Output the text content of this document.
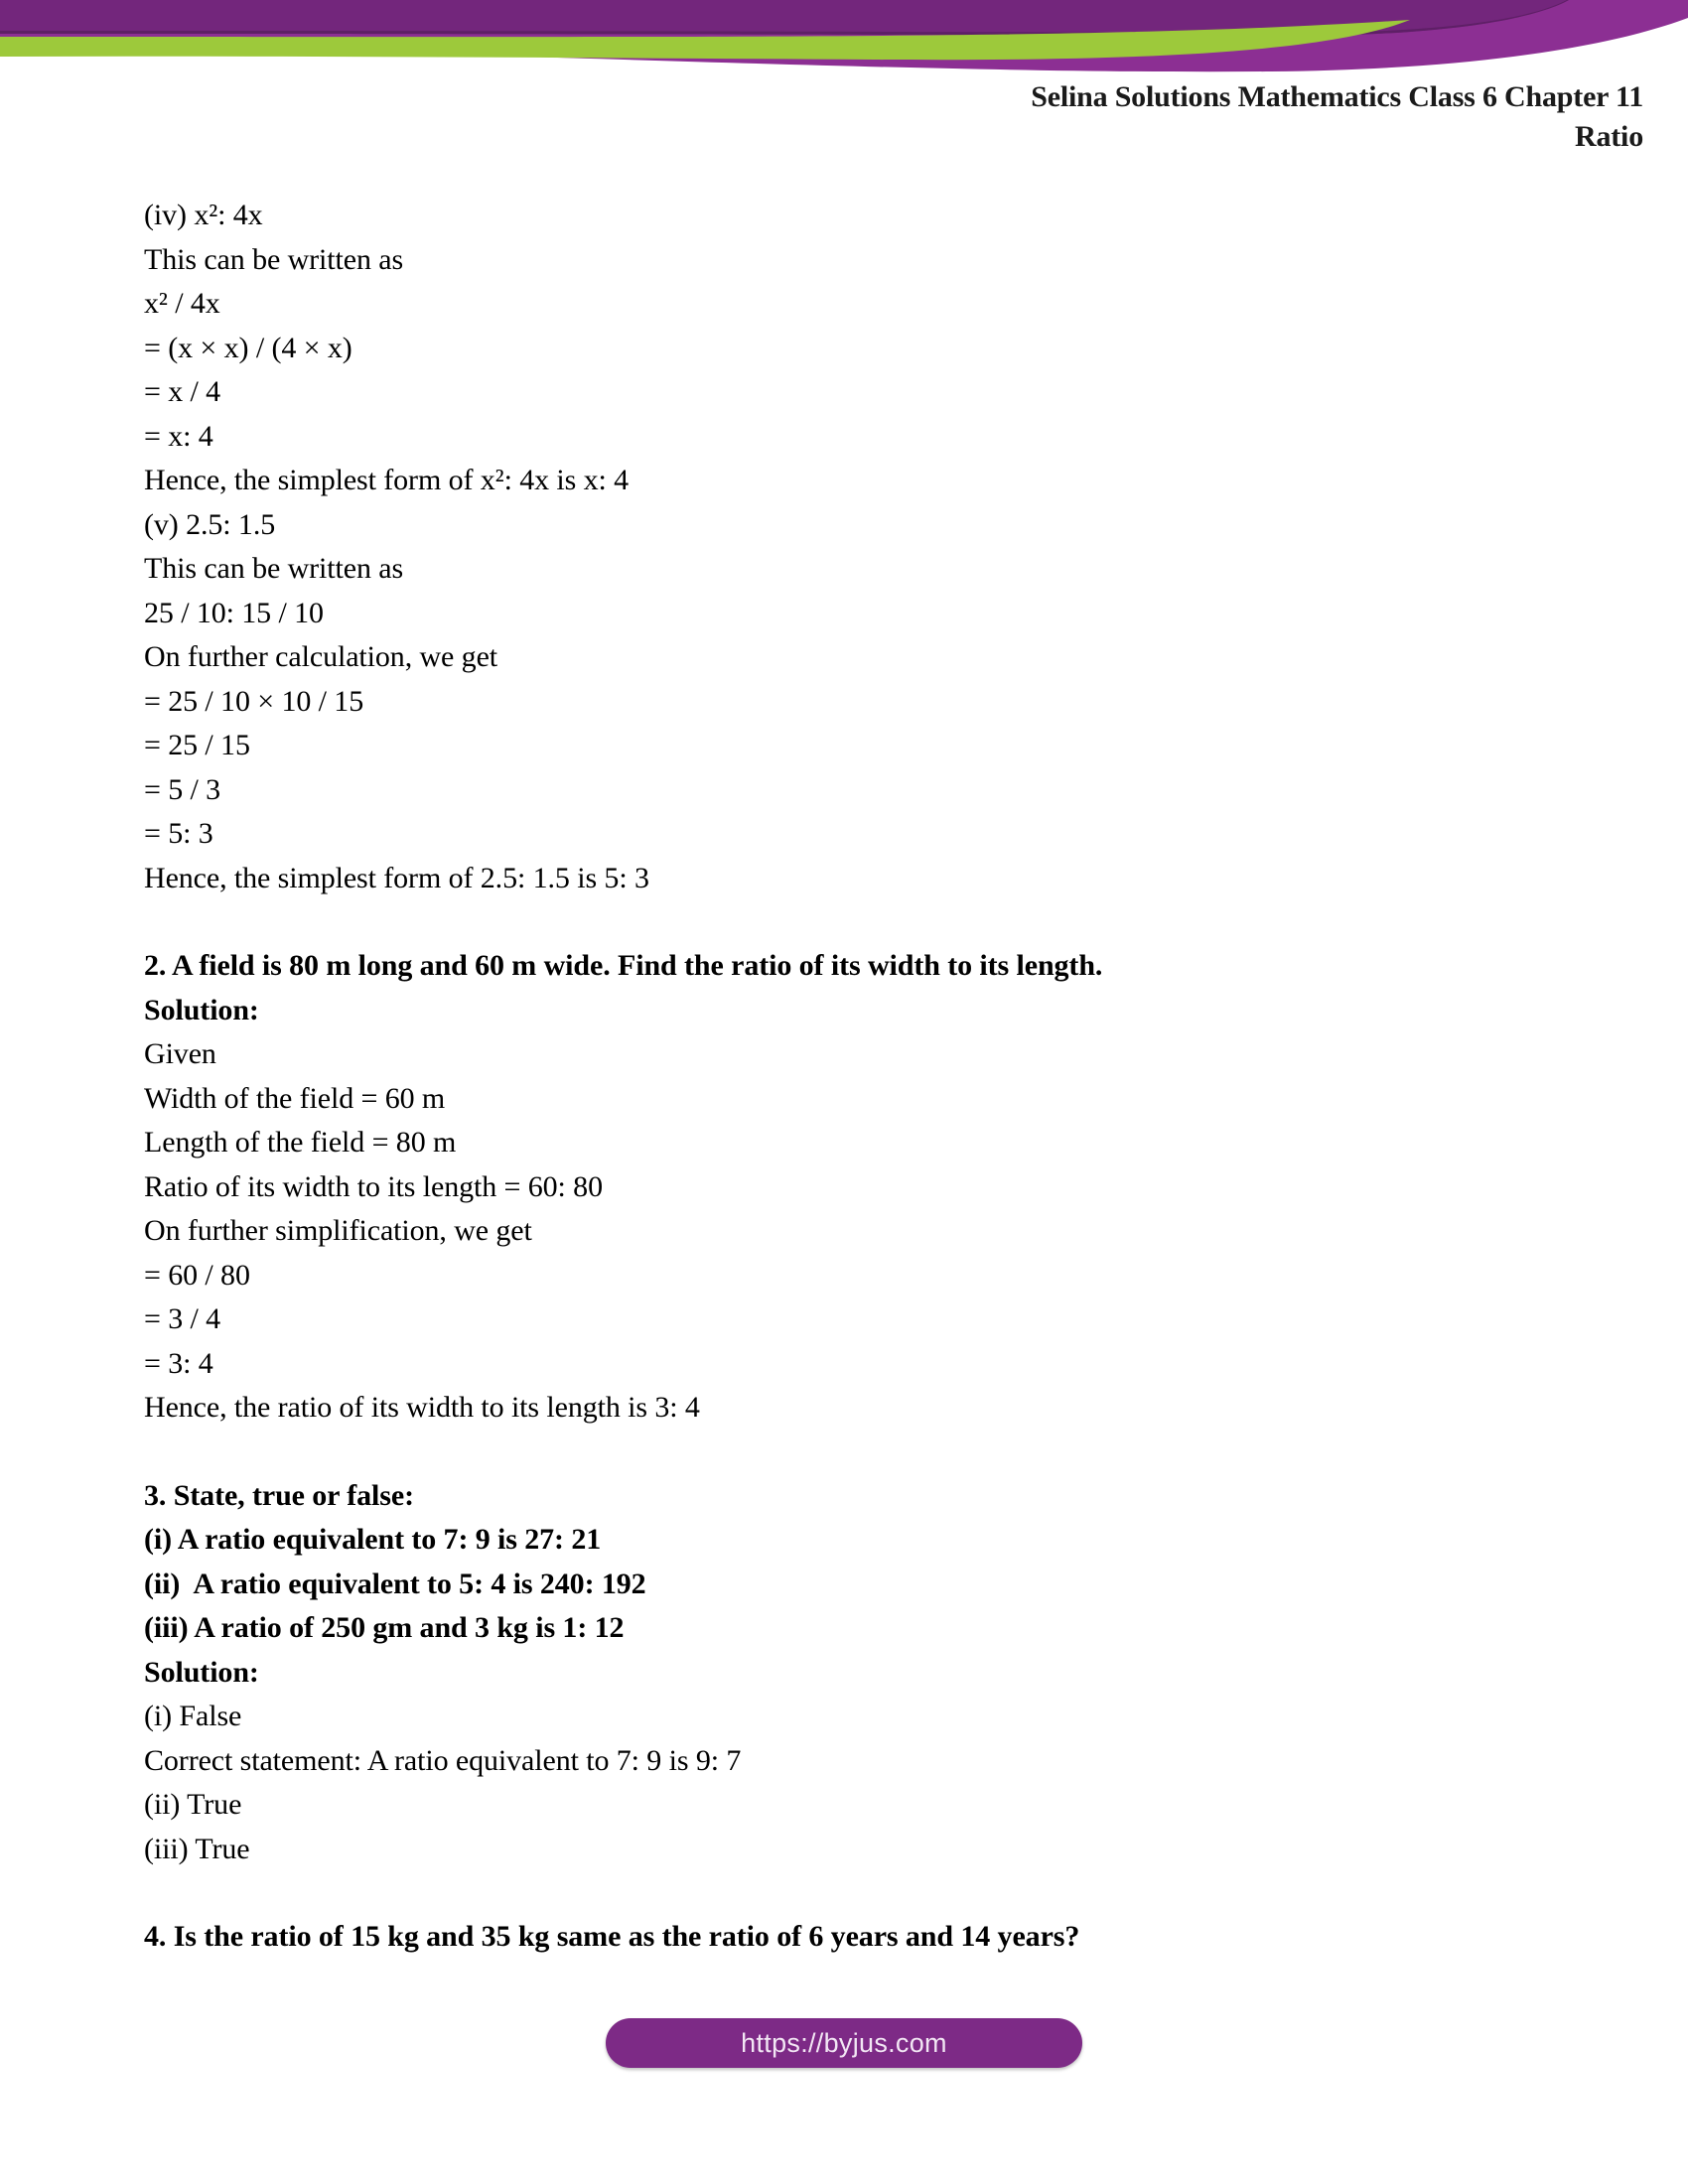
Selina Solutions Mathematics Class 6 Chapter 11
Ratio
(iv) x²: 4x
This can be written as
x² / 4x
= (x × x) / (4 × x)
= x / 4
= x: 4
Hence, the simplest form of x²: 4x is x: 4
(v) 2.5: 1.5
This can be written as
25 / 10: 15 / 10
On further calculation, we get
= 25 / 10 × 10 / 15
= 25 / 15
= 5 / 3
= 5: 3
Hence, the simplest form of 2.5: 1.5 is 5: 3
2. A field is 80 m long and 60 m wide. Find the ratio of its width to its length.
Solution:
Given
Width of the field = 60 m
Length of the field = 80 m
Ratio of its width to its length = 60: 80
On further simplification, we get
= 60 / 80
= 3 / 4
= 3: 4
Hence, the ratio of its width to its length is 3: 4
3. State, true or false:
(i) A ratio equivalent to 7: 9 is 27: 21
(ii)  A ratio equivalent to 5: 4 is 240: 192
(iii) A ratio of 250 gm and 3 kg is 1: 12
Solution:
(i) False
Correct statement: A ratio equivalent to 7: 9 is 9: 7
(ii) True
(iii) True
4. Is the ratio of 15 kg and 35 kg same as the ratio of 6 years and 14 years?
https://byjus.com
